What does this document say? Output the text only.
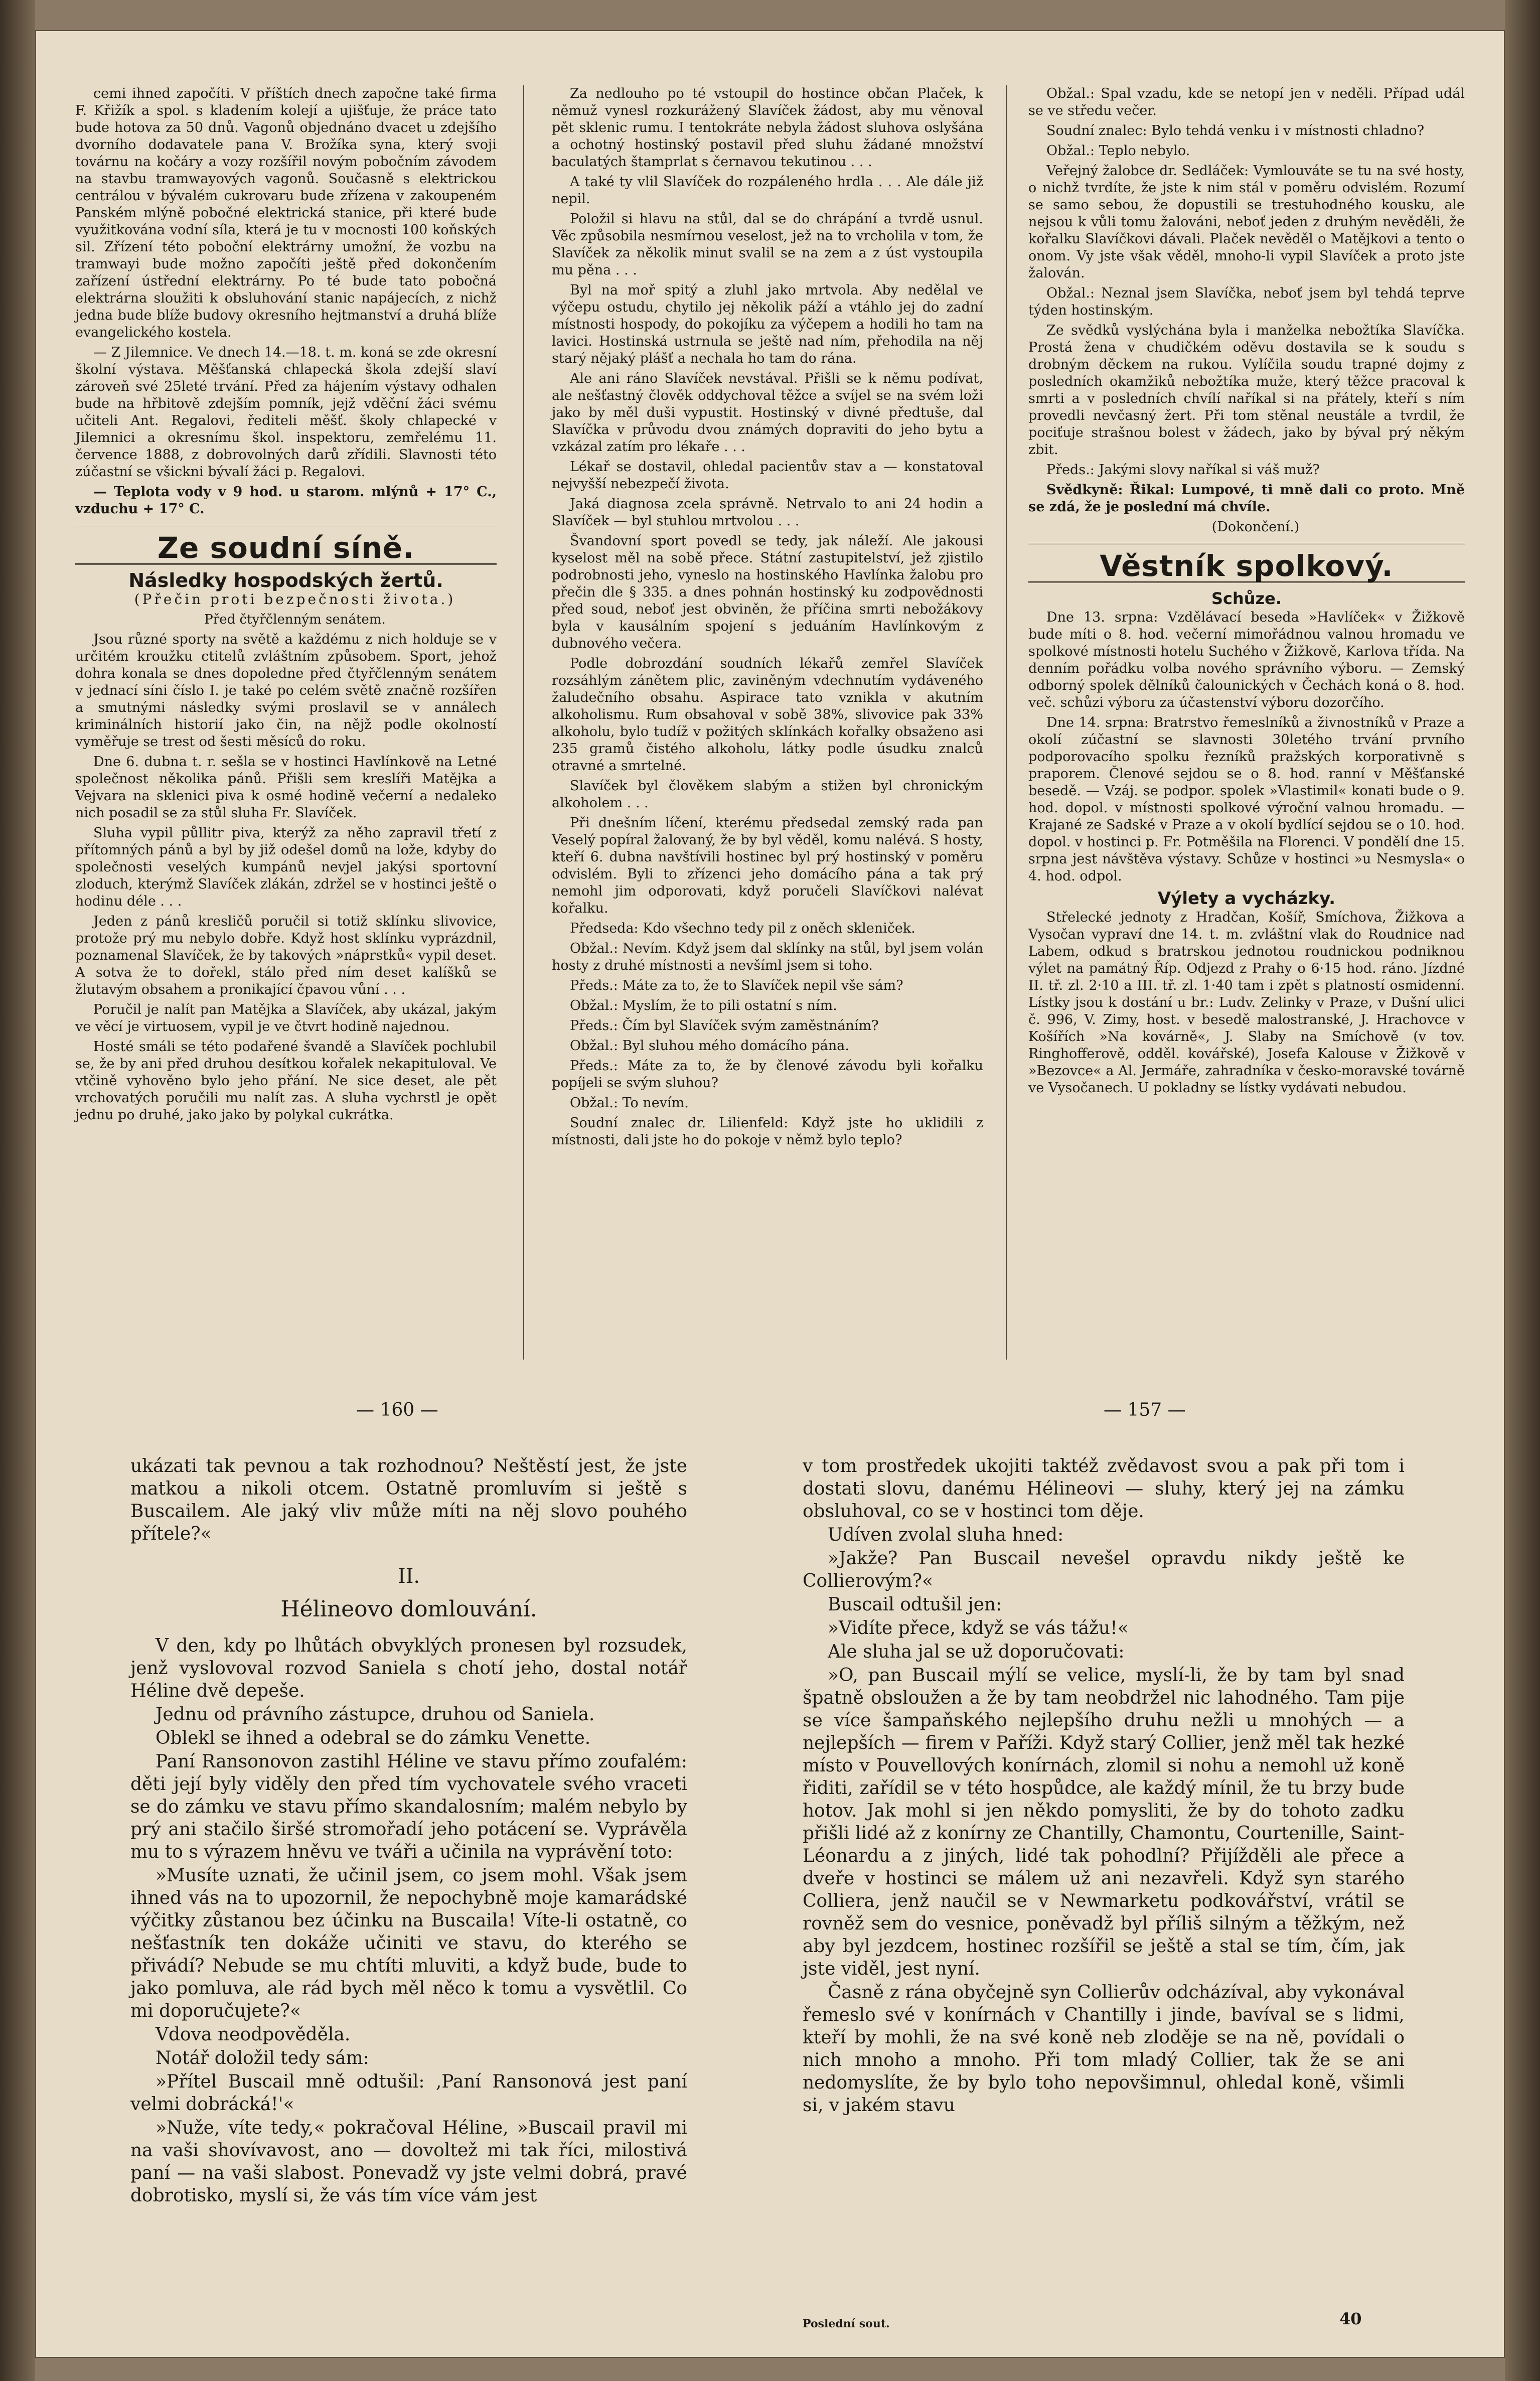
cemi ihned započíti. V příštích dnech započne také firma F. Křižík a spol. s kladením kolejí a ujišťuje, že práce tato bude hotova za 50 dnů. Vagonů objednáno dvacet u zdejšího dvorního dodavatele pana V. Brožíka syna, který svoji továrnu na kočáry a vozy rozšířil novým pobočním závodem na stavbu tramwayových vagonů. Současně s elektrickou centrálou v bývalém cukrovaru bude zřízena v zakoupeném Panském mlýně pobočné elektrická stanice, při které bude využitkována vodní síla, která je tu v mocnosti 100 koňských sil. Zřízení této poboční elektrárny umožní, že vozbu na tramwayi bude možno započíti ještě před dokončením zařízení ústřední elektrárny. Po té bude tato pobočná elektrárna sloužiti k obsluhování stanic napájecích, z nichž jedna bude blíže budovy okresního hejtmanství a druhá blíže evangelického kostela.

— Z Jilemnice. Ve dnech 14.—18. t. m. koná se zde okresní školní výstava. Měšťanská chlapecká škola zdejší slaví zároveň své 25leté trvání. Před za hájením výstavy odhalen bude na hřbitově zdejším pomník, jejž vděční žáci svému učiteli Ant. Regalovi, řediteli měšť. školy chlapecké v Jilemnici a okresnímu škol. inspektoru, zemřelému 11. července 1888, z dobrovolných darů zřídili. Slavnosti této zúčastní se všickni bývalí žáci p. Regalovi.

— Teplota vody v 9 hod. u starom. mlýnů + 17° C., vzduchu + 17° C.

Ze soudní síně.
Následky hospodských žertů.

(Přečin proti bezpečnosti života.)

Před čtyřčlenným senátem.

Jsou různé sporty na světě a každému z nich holduje se v určitém kroužku ctitelů zvláštním způsobem. Sport, jehož dohra konala se dnes dopoledne před čtyřčlenným senátem v jednací síni číslo I. je také po celém světě značně rozšířen a smutnými následky svými proslavil se v annálech kriminálních historií jako čin, na nějž podle okolností vyměřuje se trest od šesti měsíců do roku.

Dne 6. dubna t. r. sešla se v hostinci Havlínkově na Letné společnost několika pánů. Přišli sem kreslíři Matějka a Vejvara na sklenici piva k osmé hodině večerní a nedaleko nich posadil se za stůl sluha Fr. Slavíček.

Sluha vypil půllitr piva, kterýž za něho zapravil třetí z přítomných pánů a byl by již odešel domů na lože, kdyby do společnosti veselých kumpánů nevjel jakýsi sportovní zloduch, kterýmž Slavíček zlákán, zdržel se v hostinci ještě o hodinu déle . . .

Jeden z pánů kresličů poručil si totiž sklínku slivovice, protože prý mu nebylo dobře. Když host sklínku vyprázdnil, poznamenal Slavíček, že by takových »náprstků« vypil deset. A sotva že to dořekl, stálo před ním deset kalíšků se žlutavým obsahem a pronikající čpavou vůní . . .

Poručil je nalít pan Matějka a Slavíček, aby ukázal, jakým ve věcí je virtuosem, vypil je ve čtvrt hodině najednou.

Hosté smáli se této podařené švandě a Slavíček pochlubil se, že by ani před druhou desítkou kořalek nekapituloval. Ve vtčině vyhověno bylo jeho přání. Ne sice deset, ale pět vrchovatých poručili mu nalít zas. A sluha vychrstl je opět jednu po druhé, jako jako by polykal cukrátka.

Za nedlouho po té vstoupil do hostince občan Plaček, k němuž vynesl rozkurážený Slavíček žádost, aby mu věnoval pět sklenic rumu. I tentokráte nebyla žádost sluhova oslyšána a ochotný hostinský postavil před sluhu žádané množství baculatých štamprlat s černavou tekutinou . . .

A také ty vlil Slavíček do rozpáleného hrdla . . . Ale dále již nepil.

Položil si hlavu na stůl, dal se do chrápání a tvrdě usnul. Věc způsobila nesmírnou veselost, jež na to vrcholila v tom, že Slavíček za několik minut svalil se na zem a z úst vystoupila mu pěna . . .

Byl na moř spitý a zluhl jako mrtvola. Aby nedělal ve výčepu ostudu, chytilo jej několik páží a vtáhlo jej do zadní místnosti hospody, do pokojíku za výčepem a hodili ho tam na lavici. Hostinská ustrnula se ještě nad ním, přehodila na něj starý nějaký plášť a nechala ho tam do rána.

Ale ani ráno Slavíček nevstával. Přišli se k němu podívat, ale nešťastný člověk oddychoval těžce a svíjel se na svém loži jako by měl duši vypustit. Hostinský v divné předtuše, dal Slavíčka v průvodu dvou známých dopraviti do jeho bytu a vzkázal zatím pro lékaře . . .

Lékař se dostavil, ohledal pacientův stav a — konstatoval nejvyšší nebezpečí života.

Jaká diagnosa zcela správně. Netrvalo to ani 24 hodin a Slavíček — byl stuhlou mrtvolou . . .

Švandovní sport povedl se tedy, jak náleží. Ale jakousi kyselost měl na sobě přece. Státní zastupitelství, jež zjistilo podrobnosti jeho, vyneslo na hostinského Havlínka žalobu pro přečin dle § 335. a dnes pohnán hostinský ku zodpovědnosti před soud, neboť jest obviněn, že příčina smrti nebožákovy byla v kausálním spojení s jeduáním Havlínkovým z dubnového večera.

Podle dobrozdání soudních lékařů zemřel Slavíček rozsáhlým zánětem plic, zaviněným vdechnutím vydáveného žaludečního obsahu. Aspirace tato vznikla v akutním alkoholismu. Rum obsahoval v sobě 38%, slivovice pak 33% alkoholu, bylo tudíž v požitých sklínkách kořalky obsaženo asi 235 gramů čistého alkoholu, látky podle úsudku znalců otravné a smrtelné.

Slavíček byl člověkem slabým a stižen byl chronickým alkoholem . . .

Při dnešním líčení, kterému předsedal zemský rada pan Veselý popíral žalovaný, že by byl věděl, komu nalévá. S hosty, kteří 6. dubna navštívili hostinec byl prý hostinský v poměru odvislém. Byli to zřízenci jeho domácího pána a tak prý nemohl jim odporovati, když poručeli Slavíčkovi nalévat kořalku.

Předseda: Kdo všechno tedy pil z oněch skleniček.

Obžal.: Nevím. Když jsem dal sklínky na stůl, byl jsem volán hosty z druhé místnosti a nevšíml jsem si toho.

Předs.: Máte za to, že to Slavíček nepil vše sám?

Obžal.: Myslím, že to pili ostatní s ním.

Předs.: Čím byl Slavíček svým zaměstnáním?

Obžal.: Byl sluhou mého domácího pána.

Předs.: Máte za to, že by členové závodu byli kořalku popíjeli se svým sluhou?

Obžal.: To nevím.

Soudní znalec dr. Lilienfeld: Když jste ho uklidili z místnosti, dali jste ho do pokoje v němž bylo teplo?

Obžal.: Spal vzadu, kde se netopí jen v neděli. Případ udál se ve středu večer.

Soudní znalec: Bylo tehdá venku i v místnosti chladno?

Obžal.: Teplo nebylo.

Veřejný žalobce dr. Sedláček: Vymlouváte se tu na své hosty, o nichž tvrdíte, že jste k nim stál v poměru odvislém. Rozumí se samo sebou, že dopustili se trestuhodného kousku, ale nejsou k vůli tomu žalováni, neboť jeden z druhým nevěděli, že kořalku Slavíčkovi dávali. Plaček nevěděl o Matějkovi a tento o onom. Vy jste však věděl, mnoho-li vypil Slavíček a proto jste žalován.

Obžal.: Neznal jsem Slavíčka, neboť jsem byl tehdá teprve týden hostinským.

Ze svědků vyslýchána byla i manželka nebožtíka Slavíčka. Prostá žena v chudičkém oděvu dostavila se k soudu s drobným děckem na rukou. Vylíčila soudu trapné dojmy z posledních okamžiků nebožtíka muže, který těžce pracoval k smrti a v posledních chvílí naříkal si na přátely, kteří s ním provedli nevčasný žert. Při tom stěnal neustále a tvrdil, že pociťuje strašnou bolest v žádech, jako by býval prý někým zbit.

Předs.: Jakými slovy naříkal si váš muž?

Svědkyně: Řikal: Lumpové, ti mně dali co proto. Mně se zdá, že je poslední má chvíle.

(Dokončení.)

Věstník spolkový.
Schůze.

Dne 13. srpna: Vzdělávací beseda »Havlíček« v Žižkově bude míti o 8. hod. večerní mimořádnou valnou hromadu ve spolkové místnosti hotelu Suchého v Žižkově, Karlova třída. Na denním pořádku volba nového správního výboru. — Zemský odborný spolek dělníků čalounických v Čechách koná o 8. hod. več. schůzi výboru za účastenství výboru dozorčího.

Dne 14. srpna: Bratrstvo řemeslníků a živnostníků v Praze a okolí zúčastní se slavnosti 30letého trvání prvního podporovacího spolku řezníků pražských korporativně s praporem. Členové sejdou se o 8. hod. ranní v Měšťanské besedě. — Vzáj. se podpor. spolek »Vlastimil« konati bude o 9. hod. dopol. v místnosti spolkové výroční valnou hromadu. — Krajané ze Sadské v Praze a v okolí bydlící sejdou se o 10. hod. dopol. v hostinci p. Fr. Potměšila na Florenci. V pondělí dne 15. srpna jest návštěva výstavy. Schůze v hostinci »u Nesmysla« o 4. hod. odpol.

Výlety a vycházky.

Střelecké jednoty z Hradčan, Košíř, Smíchova, Žižkova a Vysočan vypraví dne 14. t. m. zvláštní vlak do Roudnice nad Labem, odkud s bratrskou jednotou roudnickou podniknou výlet na památný Říp. Odjezd z Prahy o 6·15 hod. ráno. Jízdné II. tř. zl. 2·10 a III. tř. zl. 1·40 tam i zpět s platností osmidenní. Lístky jsou k dostání u br.: Ludv. Zelinky v Praze, v Dušní ulici č. 996, V. Zimy, host. v besedě malostranské, J. Hrachovce v Košířích »Na kovárně«, J. Slaby na Smíchově (v tov. Ringhofferově, odděl. kovářské), Josefa Kalouse v Žižkově v »Bezovce« a Al. Jermáře, zahradníka v česko-moravské továrně ve Vysočanech. U pokladny se lístky vydávati nebudou.

— 160 —	— 157 —

ukázati tak pevnou a tak rozhodnou? Neštěstí jest, že jste matkou a nikoli otcem. Ostatně promluvím si ještě s Buscailem. Ale jaký vliv může míti na něj slovo pouhého přítele?«

II.
Hélineovo domlouvání.

V den, kdy po lhůtách obvyklých pronesen byl rozsudek, jenž vyslovoval rozvod Saniela s chotí jeho, dostal notář Héline dvě depeše.

Jednu od právního zástupce, druhou od Saniela.

Oblekl se ihned a odebral se do zámku Venette.

Paní Ransonovon zastihl Héline ve stavu přímo zoufalém: děti její byly viděly den před tím vychovatele svého vraceti se do zámku ve stavu přímo skandalosním; malém nebylo by prý ani stačilo širšé stromořadí jeho potácení se. Vyprávěla mu to s výrazem hněvu ve tváři a učinila na vyprávění toto:

»Musíte uznati, že učinil jsem, co jsem mohl. Však jsem ihned vás na to upozornil, že nepochybně moje kamarádské výčitky zůstanou bez účinku na Buscaila! Víte-li ostatně, co nešťastník ten dokáže učiniti ve stavu, do kterého se přivádí? Nebude se mu chtíti mluviti, a když bude, bude to jako pomluva, ale rád bych měl něco k tomu a vysvětlil. Co mi doporučujete?«

Vdova neodpověděla.

Notář doložil tedy sám:

»Přítel Buscail mně odtušil: ,Paní Ransonová jest paní velmi dobrácká!'«

»Nuže, víte tedy,« pokračoval Héline, »Buscail pravil mi na vaši shovívavost, ano — dovoltež mi tak říci, milostivá paní — na vaši slabost. Ponevadž vy jste velmi dobrá, pravé dobrotisko, myslí si, že vás tím více vám jest

v tom prostředek ukojiti taktéž zvědavost svou a pak při tom i dostati slovu, danému Hélineovi — sluhy, který jej na zámku obsluhoval, co se v hostinci tom děje.

Udíven zvolal sluha hned:

»Jakže? Pan Buscail nevešel opravdu nikdy ještě ke Collierovým?«

Buscail odtušil jen:

»Vidíte přece, když se vás tážu!«

Ale sluha jal se už doporučovati:

»O, pan Buscail mýlí se velice, myslí-li, že by tam byl snad špatně obsloužen a že by tam neobdržel nic lahodného. Tam pije se více šampaňského nejlepšího druhu nežli u mnohých — a nejlepších — firem v Paříži. Když starý Collier, jenž měl tak hezké místo v Pouvellových konírnách, zlomil si nohu a nemohl už koně řiditi, zařídil se v této hospůdce, ale každý mínil, že tu brzy bude hotov. Jak mohl si jen někdo pomysliti, že by do tohoto zadku přišli lidé až z konírny ze Chantilly, Chamontu, Courtenille, Saint-Léonardu a z jiných, lidé tak pohodlní? Přijížděli ale přece a dveře v hostinci se málem už ani nezavřeli. Když syn starého Colliera, jenž naučil se v Newmarketu podkovářství, vrátil se rovněž sem do vesnice, poněvadž byl příliš silným a těžkým, než aby byl jezdcem, hostinec rozšířil se ještě a stal se tím, čím, jak jste viděl, jest nyní.

Časně z rána obyčejně syn Collierův odcházíval, aby vykonával řemeslo své v konírnách v Chantilly i jinde, bavíval se s lidmi, kteří by mohli, že na své koně neb zloděje se na ně, povídali o nich mnoho a mnoho. Při tom mladý Collier, tak že se ani nedomyslíte, že by bylo toho nepovšimnul, ohledal koně, všimli si, v jakém stavu

Poslední sout.	40
